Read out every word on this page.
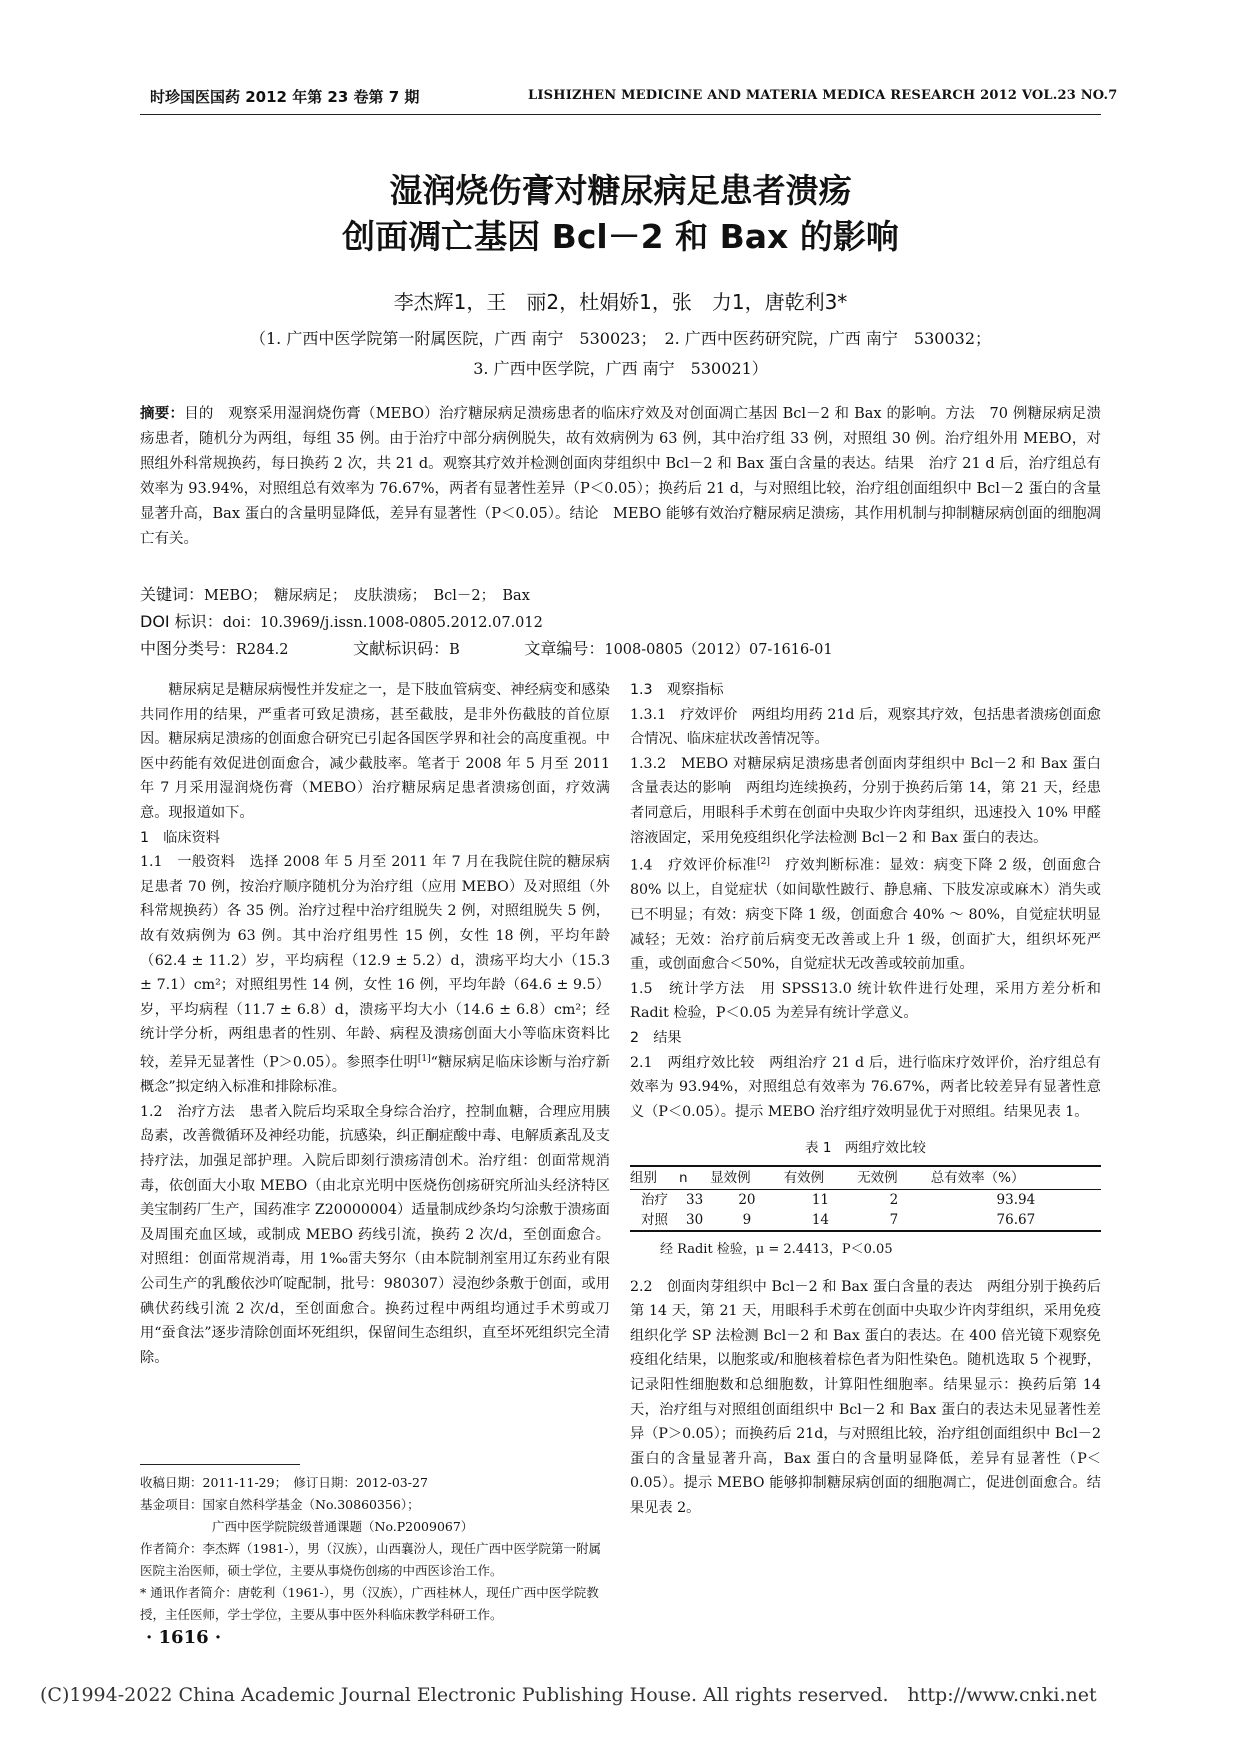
时珍国医国药 2012 年第 23 卷第 7 期	LISHIZHEN MEDICINE AND MATERIA MEDICA RESEARCH 2012 VOL.23 NO.7
湿润烧伤膏对糖尿病足患者溃疡
创面凋亡基因 Bcl－2 和 Bax 的影响
李杰辉1，王　丽2，杜娟娇1，张　力1，唐乾利3*
（1. 广西中医学院第一附属医院，广西 南宁　530023；　2. 广西中医药研究院，广西 南宁　530032；
3. 广西中医学院，广西 南宁　530021）
摘要：目的　观察采用湿润烧伤膏（MEBO）治疗糖尿病足溃疡患者的临床疗效及对创面凋亡基因 Bcl－2 和 Bax 的影响。方法　70 例糖尿病足溃疡患者，随机分为两组，每组 35 例。由于治疗中部分病例脱失，故有效病例为 63 例，其中治疗组 33 例，对照组 30 例。治疗组外用 MEBO，对照组外科常规换药，每日换药 2 次，共 21 d。观察其疗效并检测创面肉芽组织中 Bcl－2 和 Bax 蛋白含量的表达。结果　治疗 21 d 后，治疗组总有效率为 93.94%，对照组总有效率为 76.67%，两者有显著性差异（P＜0.05）；换药后 21 d，与对照组比较，治疗组创面组织中 Bcl－2 蛋白的含量显著升高，Bax 蛋白的含量明显降低，差异有显著性（P＜0.05）。结论　MEBO 能够有效治疗糖尿病足溃疡，其作用机制与抑制糖尿病创面的细胞凋亡有关。
关键词：MEBO；　糖尿病足；　皮肤溃疡；　Bcl－2；　Bax
DOI 标识：doi：10.3969/j.issn.1008-0805.2012.07.012
中图分类号：R284.2	文献标识码：B	文章编号：1008-0805（2012）07-1616-01

糖尿病足是糖尿病慢性并发症之一，是下肢血管病变、神经病变和感染共同作用的结果，严重者可致足溃疡，甚至截肢，是非外伤截肢的首位原因。糖尿病足溃疡的创面愈合研究已引起各国医学界和社会的高度重视。中医中药能有效促进创面愈合，减少截肢率。笔者于 2008 年 5 月至 2011 年 7 月采用湿润烧伤膏（MEBO）治疗糖尿病足患者溃疡创面，疗效满意。现报道如下。

1　临床资料

1.1　一般资料　选择 2008 年 5 月至 2011 年 7 月在我院住院的糖尿病足患者 70 例，按治疗顺序随机分为治疗组（应用 MEBO）及对照组（外科常规换药）各 35 例。治疗过程中治疗组脱失 2 例，对照组脱失 5 例，故有效病例为 63 例。其中治疗组男性 15 例，女性 18 例，平均年龄（62.4 ± 11.2）岁，平均病程（12.9 ± 5.2）d，溃疡平均大小（15.3 ± 7.1）cm²；对照组男性 14 例，女性 16 例，平均年龄（64.6 ± 9.5）岁，平均病程（11.7 ± 6.8）d，溃疡平均大小（14.6 ± 6.8）cm²；经统计学分析，两组患者的性别、年龄、病程及溃疡创面大小等临床资料比较，差异无显著性（P＞0.05）。参照李仕明[1]“糖尿病足临床诊断与治疗新概念”拟定纳入标准和排除标准。

1.2　治疗方法　患者入院后均采取全身综合治疗，控制血糖，合理应用胰岛素，改善微循环及神经功能，抗感染，纠正酮症酸中毒、电解质紊乱及支持疗法，加强足部护理。入院后即刻行溃疡清创术。治疗组：创面常规消毒，依创面大小取 MEBO（由北京光明中医烧伤创疡研究所汕头经济特区美宝制药厂生产，国药准字 Z20000004）适量制成纱条均匀涂敷于溃疡面及周围充血区域，或制成 MEBO 药线引流，换药 2 次/d，至创面愈合。对照组：创面常规消毒，用 1‰雷夫努尔（由本院制剂室用辽东药业有限公司生产的乳酸依沙吖啶配制，批号：980307）浸泡纱条敷于创面，或用碘伏药线引流 2 次/d，至创面愈合。换药过程中两组均通过手术剪或刀用“蚕食法”逐步清除创面坏死组织，保留间生态组织，直至坏死组织完全清除。

收稿日期：2011-11-29；　修订日期：2012-03-27

基金项目：国家自然科学基金（No.30860356）；

广西中医学院院级普通课题（No.P2009067）

作者简介：李杰辉（1981-），男（汉族），山西襄汾人，现任广西中医学院第一附属医院主治医师，硕士学位，主要从事烧伤创疡的中西医诊治工作。

* 通讯作者简介：唐乾利（1961-），男（汉族），广西桂林人，现任广西中医学院教授，主任医师，学士学位，主要从事中医外科临床教学科研工作。

· 1616 ·

1.3　观察指标

1.3.1　疗效评价　两组均用药 21d 后，观察其疗效，包括患者溃疡创面愈合情况、临床症状改善情况等。

1.3.2　MEBO 对糖尿病足溃疡患者创面肉芽组织中 Bcl－2 和 Bax 蛋白含量表达的影响　两组均连续换药，分别于换药后第 14，第 21 天，经患者同意后，用眼科手术剪在创面中央取少许肉芽组织，迅速投入 10% 甲醛溶液固定，采用免疫组织化学法检测 Bcl－2 和 Bax 蛋白的表达。

1.4　疗效评价标准[2]　疗效判断标准：显效：病变下降 2 级，创面愈合 80% 以上，自觉症状（如间歇性跛行、静息痛、下肢发凉或麻木）消失或已不明显；有效：病变下降 1 级，创面愈合 40% ～ 80%，自觉症状明显减轻；无效：治疗前后病变无改善或上升 1 级，创面扩大，组织坏死严重，或创面愈合＜50%，自觉症状无改善或较前加重。

1.5　统计学方法　用 SPSS13.0 统计软件进行处理，采用方差分析和 Radit 检验，P＜0.05 为差异有统计学意义。

2　结果

2.1　两组疗效比较　两组治疗 21 d 后，进行临床疗效评价，治疗组总有效率为 93.94%，对照组总有效率为 76.67%，两者比较差异有显著性意义（P＜0.05）。提示 MEBO 治疗组疗效明显优于对照组。结果见表 1。

表 1　两组疗效比较
组别	n	显效例	有效例	无效例	总有效率（%）
治疗	33	20	11	2	93.94
对照	30	9	14	7	76.67
经 Radit 检验，μ = 2.4413，P＜0.05

2.2　创面肉芽组织中 Bcl－2 和 Bax 蛋白含量的表达　两组分别于换药后第 14 天，第 21 天，用眼科手术剪在创面中央取少许肉芽组织，采用免疫组织化学 SP 法检测 Bcl－2 和 Bax 蛋白的表达。在 400 倍光镜下观察免疫组化结果，以胞浆或/和胞核着棕色者为阳性染色。随机选取 5 个视野，记录阳性细胞数和总细胞数，计算阳性细胞率。结果显示：换药后第 14 天，治疗组与对照组创面组织中 Bcl－2 和 Bax 蛋白的表达未见显著性差异（P＞0.05）；而换药后 21d，与对照组比较，治疗组创面组织中 Bcl－2 蛋白的含量显著升高，Bax 蛋白的含量明显降低，差异有显著性（P＜0.05）。提示 MEBO 能够抑制糖尿病创面的细胞凋亡，促进创面愈合。结果见表 2。

(C)1994-2022 China Academic Journal Electronic Publishing House. All rights reserved.　http://www.cnki.net
